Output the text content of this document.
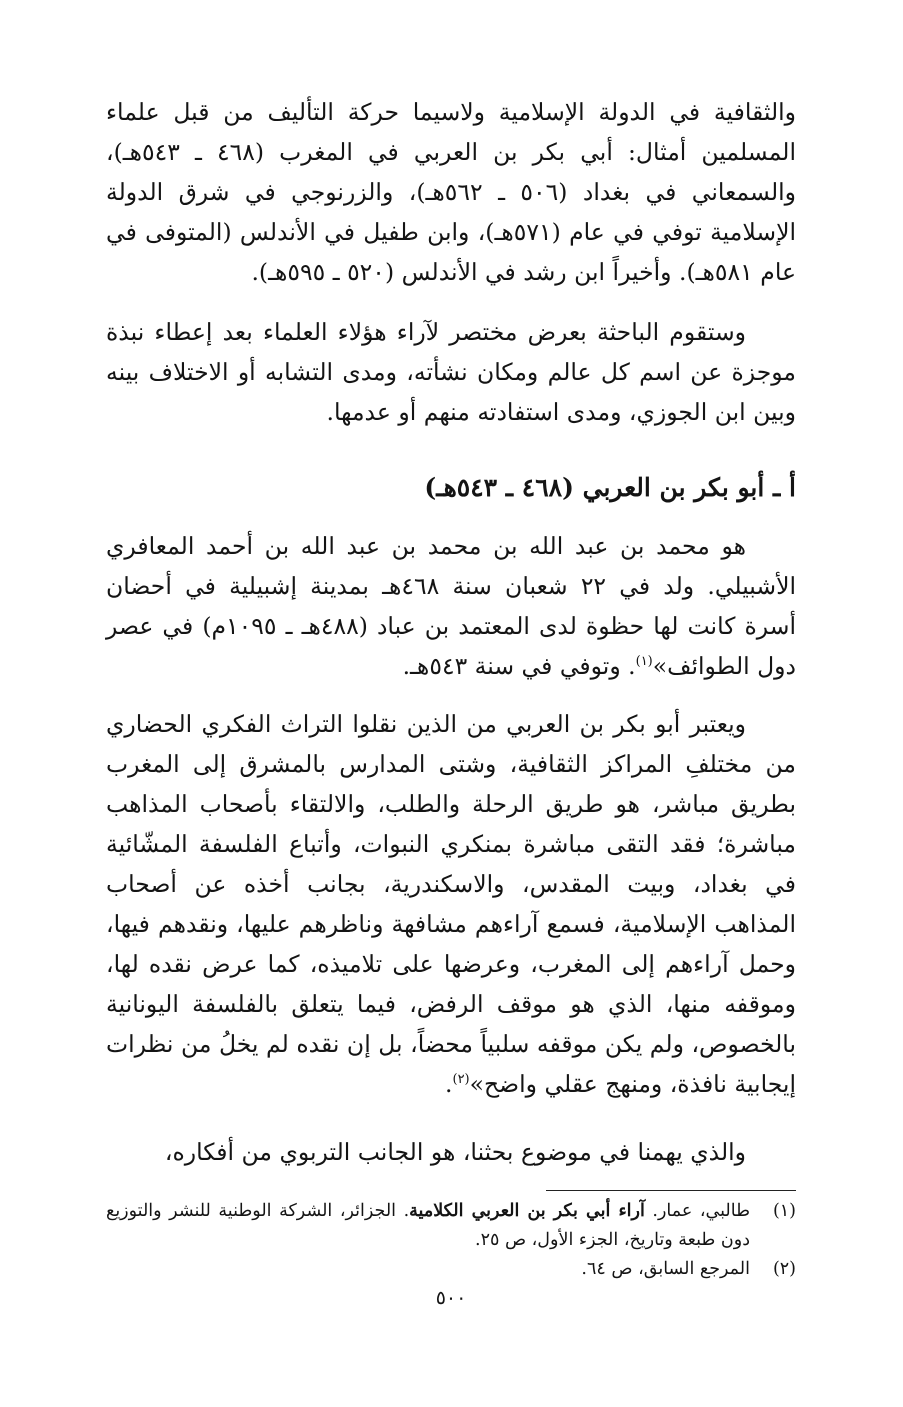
والثقافية في الدولة الإسلامية ولاسيما حركة التأليف من قبل علماء المسلمين أمثال: أبي بكر بن العربي في المغرب (٤٦٨ ـ ٥٤٣هـ)، والسمعاني في بغداد (٥٠٦ ـ ٥٦٢هـ)، والزرنوجي في شرق الدولة الإسلامية توفي في عام (٥٧١هـ)، وابن طفيل في الأندلس (المتوفى في عام ٥٨١هـ). وأخيراً ابن رشد في الأندلس (٥٢٠ ـ ٥٩٥هـ).

وستقوم الباحثة بعرض مختصر لآراء هؤلاء العلماء بعد إعطاء نبذة موجزة عن اسم كل عالم ومكان نشأته، ومدى التشابه أو الاختلاف بينه وبين ابن الجوزي، ومدى استفادته منهم أو عدمها.

أ ـ أبو بكر بن العربي (٤٦٨ ـ ٥٤٣هـ)

هو محمد بن عبد الله بن محمد بن عبد الله بن أحمد المعافري الأشبيلي. ولد في ٢٢ شعبان سنة ٤٦٨هـ بمدينة إشبيلية في أحضان أسرة كانت لها حظوة لدى المعتمد بن عباد (٤٨٨هـ ـ ١٠٩٥م) في عصر دول الطوائف»$^{(١)}$. وتوفي في سنة ٥٤٣هـ.

ويعتبر أبو بكر بن العربي من الذين نقلوا التراث الفكري الحضاري من مختلفِ المراكز الثقافية، وشتى المدارس بالمشرق إلى المغرب بطريق مباشر، هو طريق الرحلة والطلب، والالتقاء بأصحاب المذاهب مباشرة؛ فقد التقى مباشرة بمنكري النبوات، وأتباع الفلسفة المشّائية في بغداد، وبيت المقدس، والاسكندرية، بجانب أخذه عن أصحاب المذاهب الإسلامية، فسمع آراءهم مشافهة وناظرهم عليها، ونقدهم فيها، وحمل آراءهم إلى المغرب، وعرضها على تلاميذه، كما عرض نقده لها، وموقفه منها، الذي هو موقف الرفض، فيما يتعلق بالفلسفة اليونانية بالخصوص، ولم يكن موقفه سلبياً محضاً، بل إن نقده لم يخلُ من نظرات إيجابية نافذة، ومنهج عقلي واضح»$^{(٢)}$.

والذي يهمنا في موضوع بحثنا، هو الجانب التربوي من أفكاره،

(١)
طالبي، عمار. آراء أبي بكر بن العربي الكلامية. الجزائر، الشركة الوطنية للنشر والتوزيع دون طبعة وتاريخ، الجزء الأول، ص ٢٥.
(٢)
المرجع السابق، ص ٦٤.
٥٠٠
